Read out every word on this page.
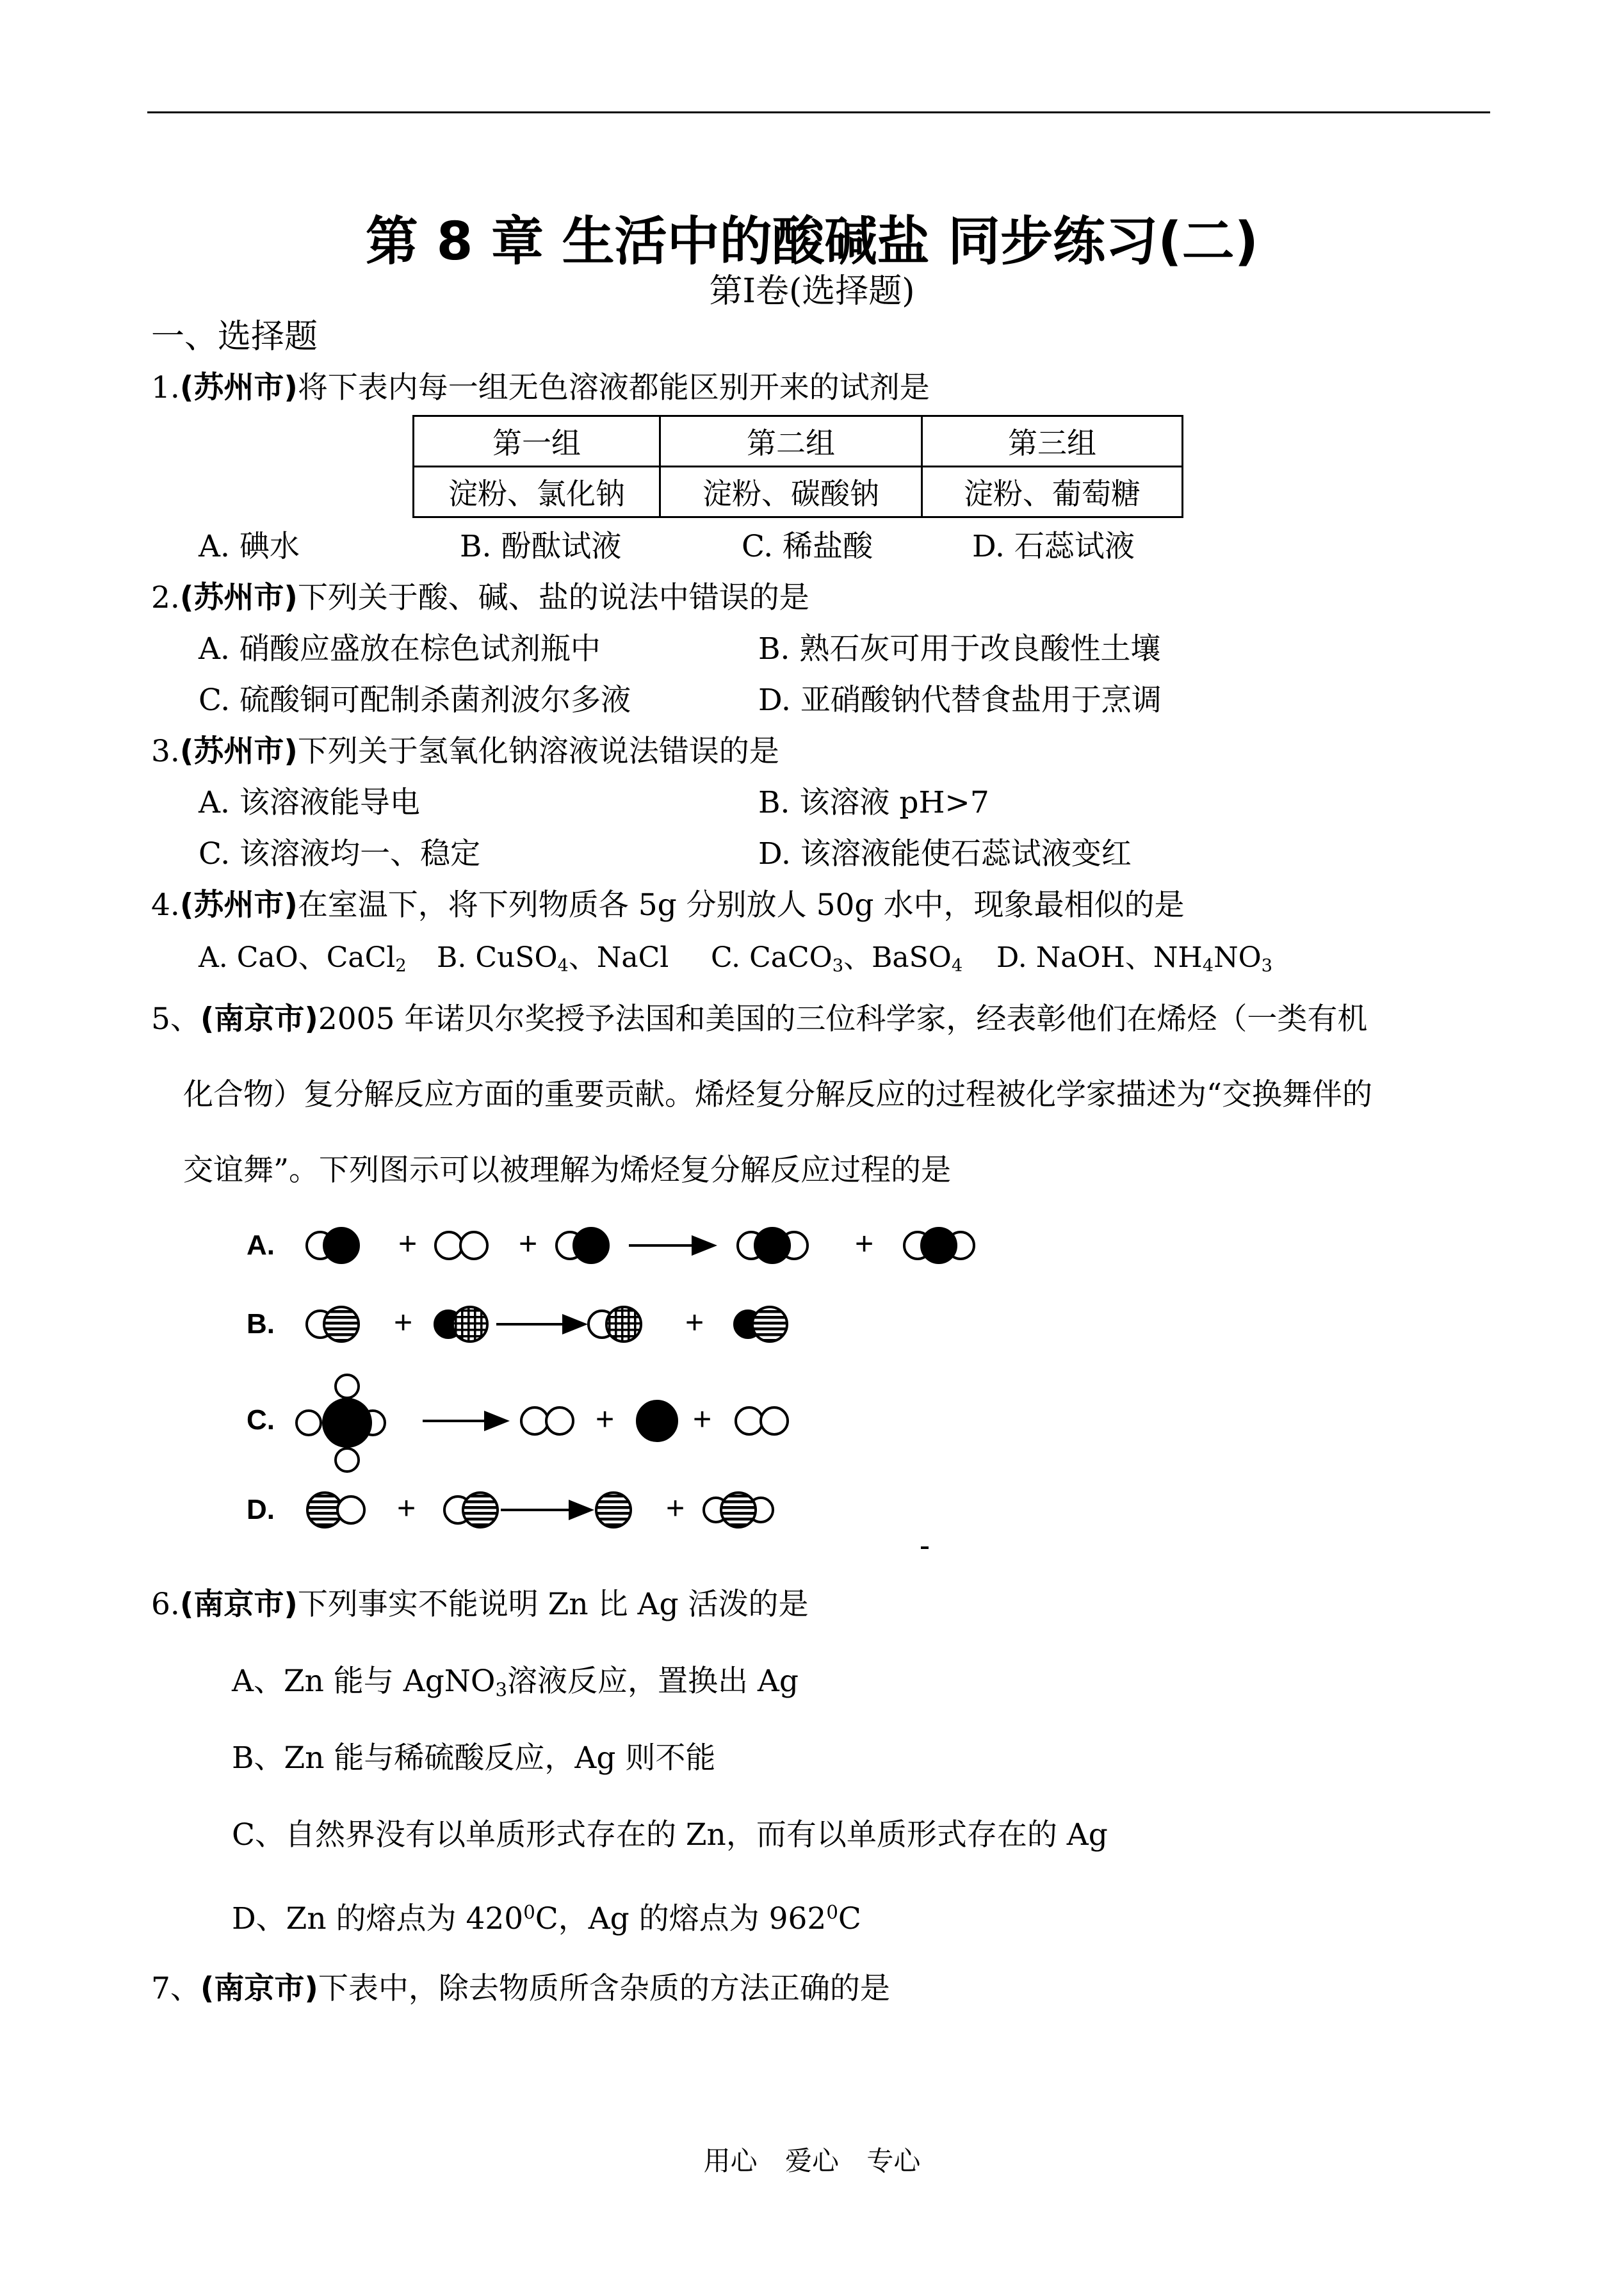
第 8 章 生活中的酸碱盐 同步练习(二)
第Ⅰ卷(选择题)
一、选择题
1.(苏州市)将下表内每一组无色溶液都能区别开来的试剂是
第一组	第二组	第三组
淀粉、氯化钠	淀粉、碳酸钠	淀粉、葡萄糖
A. 碘水	B. 酚酞试液	C. 稀盐酸	D. 石蕊试液
2.(苏州市)下列关于酸、碱、盐的说法中错误的是
A. 硝酸应盛放在棕色试剂瓶中	B. 熟石灰可用于改良酸性土壤
C. 硫酸铜可配制杀菌剂波尔多液	D. 亚硝酸钠代替食盐用于烹调
3.(苏州市)下列关于氢氧化钠溶液说法错误的是
A. 该溶液能导电	B. 该溶液 pH>7
C. 该溶液均一、稳定	D. 该溶液能使石蕊试液变红
4.(苏州市)在室温下，将下列物质各 5g 分别放人 50g 水中，现象最相似的是
A. CaO、CaCl$_2$ B. CuSO$_4$、NaCl C. CaCO$_3$、BaSO$_4$ D. NaOH、$NH_4NO_3$
5、(南京市)2005 年诺贝尔奖授予法国和美国的三位科学家，经表彰他们在烯烃（一类有机
化合物）复分解反应方面的重要贡献。烯烃复分解反应的过程被化学家描述为“交换舞伴的
交谊舞”。下列图示可以被理解为烯烃复分解反应过程的是
A.	+	+	+
B.	+	+
C.	+ +
D.	+	+
6.(南京市)下列事实不能说明 Zn 比 Ag 活泼的是
A、Zn 能与 AgNO$_3$溶液反应，置换出 Ag
B、Zn 能与稀硫酸反应，Ag 则不能
C、自然界没有以单质形式存在的 Zn，而有以单质形式存在的 Ag
D、Zn 的熔点为 $420^0C$，Ag 的熔点为 $962^0C$
7、(南京市)下表中，除去物质所含杂质的方法正确的是
用心 爱心 专心
